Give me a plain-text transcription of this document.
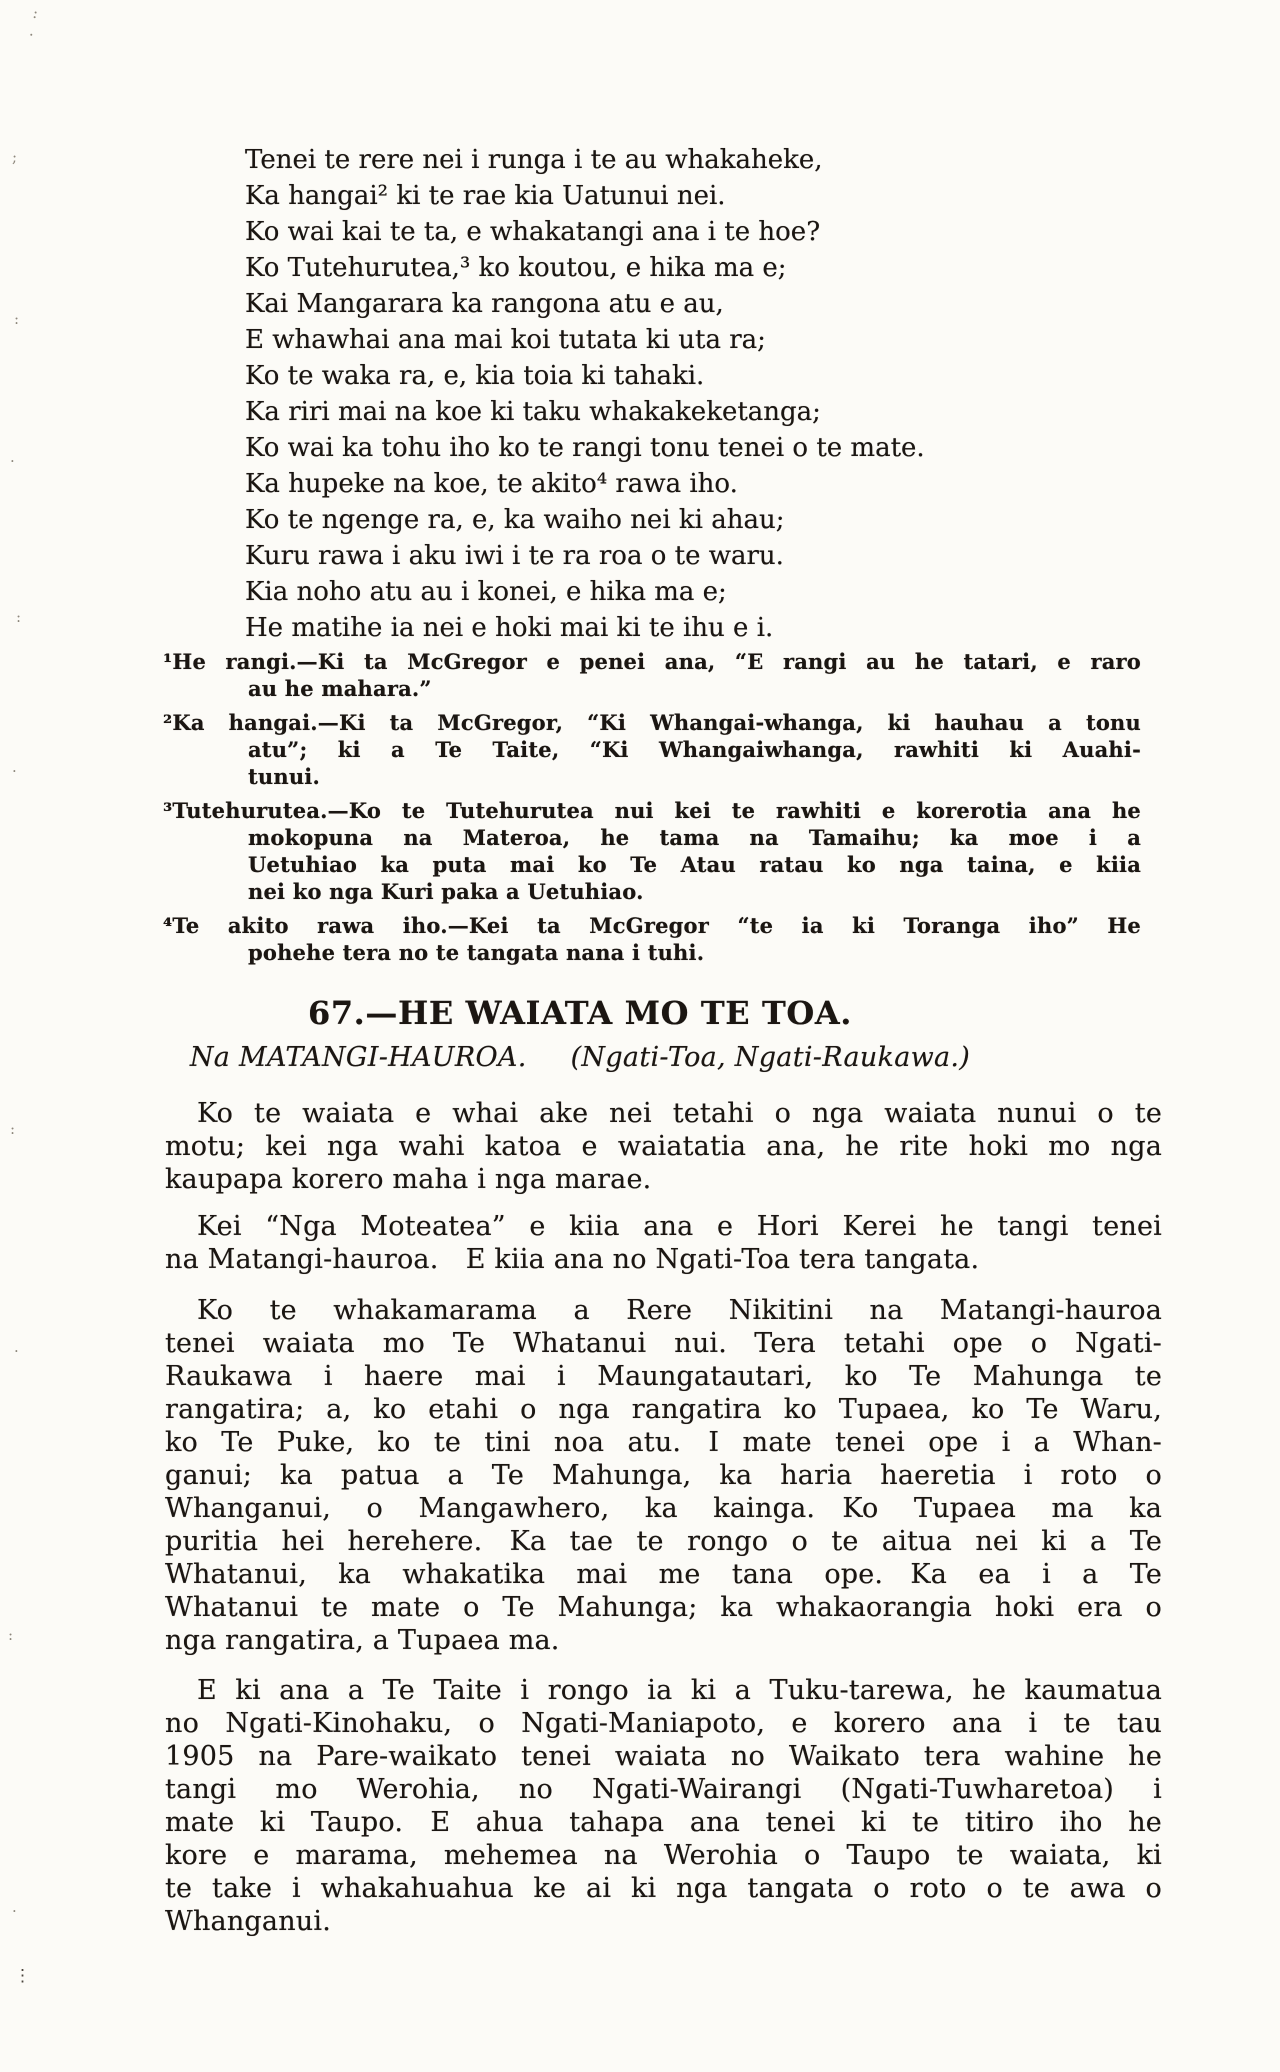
Tenei te rere nei i runga i te au whakaheke,
Ka hangai² ki te rae kia Uatunui nei.
Ko wai kai te ta, e whakatangi ana i te hoe?
Ko Tutehurutea,³ ko koutou, e hika ma e;
Kai Mangarara ka rangona atu e au,
E whawhai ana mai koi tutata ki uta ra;
Ko te waka ra, e, kia toia ki tahaki.
Ka riri mai na koe ki taku whakakeketanga;
Ko wai ka tohu iho ko te rangi tonu tenei o te mate.
Ka hupeke na koe, te akito⁴ rawa iho.
Ko te ngenge ra, e, ka waiho nei ki ahau;
Kuru rawa i aku iwi i te ra roa o te waru.
Kia noho atu au i konei, e hika ma e;
He matihe ia nei e hoki mai ki te ihu e i.
¹He rangi.—Ki ta McGregor e penei ana, “E rangi au he tatari, e raro
au he mahara.”
²Ka hangai.—Ki ta McGregor, “Ki Whangai-whanga, ki hauhau a tonu
atu”; ki a Te Taite, “Ki Whangaiwhanga, rawhiti ki Auahi-
tunui.
³Tutehurutea.—Ko te Tutehurutea nui kei te rawhiti e korerotia ana he
mokopuna na Materoa, he tama na Tamaihu; ka moe i a
Uetuhiao ka puta mai ko Te Atau ratau ko nga taina, e kiia
nei ko nga Kuri paka a Uetuhiao.
⁴Te akito rawa iho.—Kei ta McGregor “te ia ki Toranga iho” He
pohehe tera no te tangata nana i tuhi.
67.—HE WAIATA MO TE TOA.
Na MATANGI-HAUROA. (Ngati-Toa, Ngati-Raukawa.)
Ko te waiata e whai ake nei tetahi o nga waiata nunui o te
motu; kei nga wahi katoa e waiatatia ana, he rite hoki mo nga
kaupapa korero maha i nga marae.
Kei “Nga Moteatea” e kiia ana e Hori Kerei he tangi tenei
na Matangi-hauroa. E kiia ana no Ngati-Toa tera tangata.
Ko te whakamarama a Rere Nikitini na Matangi-hauroa
tenei waiata mo Te Whatanui nui. Tera tetahi ope o Ngati-
Raukawa i haere mai i Maungatautari, ko Te Mahunga te
rangatira; a, ko etahi o nga rangatira ko Tupaea, ko Te Waru,
ko Te Puke, ko te tini noa atu. I mate tenei ope i a Whan-
ganui; ka patua a Te Mahunga, ka haria haeretia i roto o
Whanganui, o Mangawhero, ka kainga. Ko Tupaea ma ka
puritia hei herehere. Ka tae te rongo o te aitua nei ki a Te
Whatanui, ka whakatika mai me tana ope. Ka ea i a Te
Whatanui te mate o Te Mahunga; ka whakaorangia hoki era o
nga rangatira, a Tupaea ma.
E ki ana a Te Taite i rongo ia ki a Tuku-tarewa, he kaumatua
no Ngati-Kinohaku, o Ngati-Maniapoto, e korero ana i te tau
1905 na Pare-waikato tenei waiata no Waikato tera wahine he
tangi mo Werohia, no Ngati-Wairangi (Ngati-Tuwharetoa) i
mate ki Taupo. E ahua tahapa ana tenei ki te titiro iho he
kore e marama, mehemea na Werohia o Taupo te waiata, ki
te take i whakahuahua ke ai ki nga tangata o roto o te awa o
Whanganui.
:
·
;
:
·
:
·
:
·
:
·
⋮
